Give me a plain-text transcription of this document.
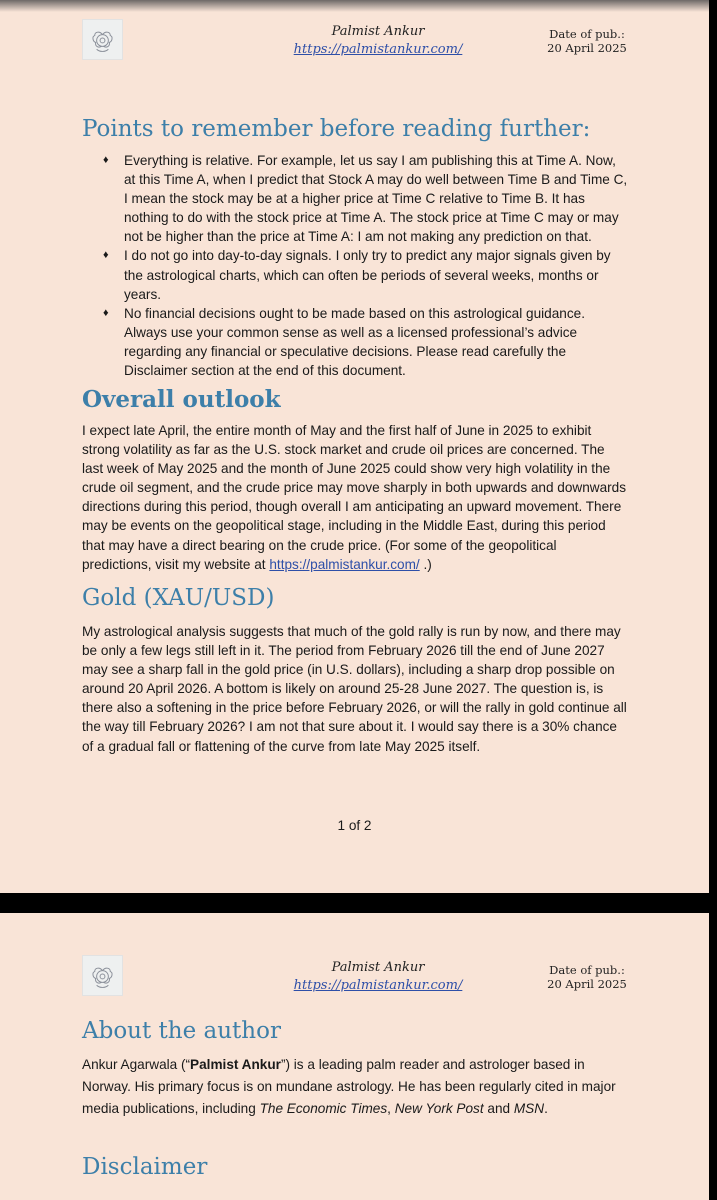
Palmist Ankur
https://palmistankur.com/
Date of pub.:
20 April 2025
Points to remember before reading further:
♦ Everything is relative. For example, let us say I am publishing this at Time A. Now, at this Time A, when I predict that Stock A may do well between Time B and Time C, I mean the stock may be at a higher price at Time C relative to Time B. It has nothing to do with the stock price at Time A. The stock price at Time C may or may not be higher than the price at Time A: I am not making any prediction on that.
♦ I do not go into day-to-day signals. I only try to predict any major signals given by the astrological charts, which can often be periods of several weeks, months or years.
♦ No financial decisions ought to be made based on this astrological guidance. Always use your common sense as well as a licensed professional’s advice regarding any financial or speculative decisions. Please read carefully the Disclaimer section at the end of this document.
Overall outlook

I expect late April, the entire month of May and the first half of June in 2025 to exhibit strong volatility as far as the U.S. stock market and crude oil prices are concerned. The last week of May 2025 and the month of June 2025 could show very high volatility in the crude oil segment, and the crude price may move sharply in both upwards and downwards directions during this period, though overall I am anticipating an upward movement. There may be events on the geopolitical stage, including in the Middle East, during this period that may have a direct bearing on the crude price. (For some of the geopolitical predictions, visit my website at https://palmistankur.com/ .)

Gold (XAU/USD)

My astrological analysis suggests that much of the gold rally is run by now, and there may be only a few legs still left in it. The period from February 2026 till the end of June 2027 may see a sharp fall in the gold price (in U.S. dollars), including a sharp drop possible on around 20 April 2026. A bottom is likely on around 25-28 June 2027. The question is, is there also a softening in the price before February 2026, or will the rally in gold continue all the way till February 2026? I am not that sure about it. I would say there is a 30% chance of a gradual fall or flattening of the curve from late May 2025 itself.

1 of 2
Palmist Ankur
https://palmistankur.com/
Date of pub.:
20 April 2025
About the author

Ankur Agarwala (“Palmist Ankur”) is a leading palm reader and astrologer based in Norway. His primary focus is on mundane astrology. He has been regularly cited in major media publications, including The Economic Times, New York Post and MSN.

Disclaimer
